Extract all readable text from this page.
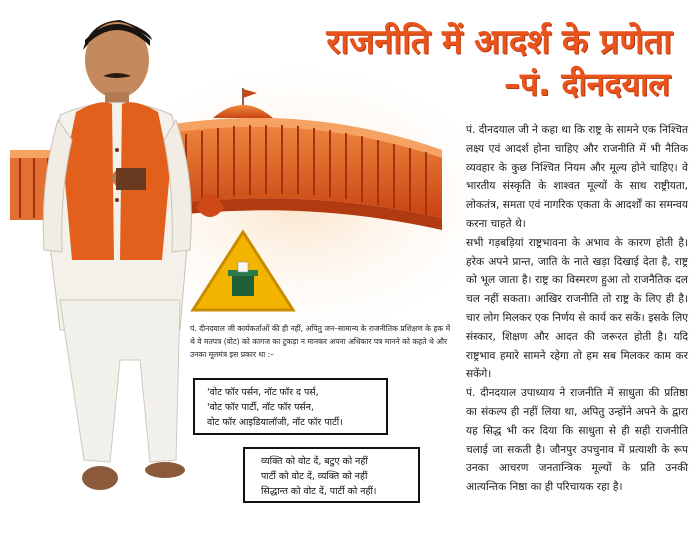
राजनीति में आदर्श के प्रणेता
–पं. दीनदयाल

पं. दीनदयाल जी ने कहा था कि राष्ट्र के सामने एक निश्चित लक्ष्य एवं आदर्श होना चाहिए और राजनीति में भी नैतिक व्यवहार के कुछ निश्चित नियम और मूल्य होने चाहिए। वे भारतीय संस्कृति के शाश्वत मूल्यों के साथ राष्ट्रीयता, लोकतंत्र, समता एवं नागरिक एकता के आदर्शों का समन्वय करना चाहते थे।

सभी गड़बड़ियां राष्ट्रभावना के अभाव के कारण होती है। हरेक अपने प्रान्त, जाति के नाते खड़ा दिखाई देता है, राष्ट्र को भूल जाता है। राष्ट्र का विस्मरण हुआ तो राजनैतिक दल चल नहीं सकता। आखिर राजनीति तो राष्ट्र के लिए ही है। चार लोग मिलकर एक निर्णय से कार्य कर सकें। इसके लिए संस्कार, शिक्षण और आदत की जरूरत होती है। यदि राष्ट्रभाव हमारे सामने रहेगा तो हम सब मिलकर काम कर सकेंगे।

पं. दीनदयाल उपाध्याय ने राजनीति में साधुता की प्रतिष्ठा का संकल्प ही नहीं लिया था, अपितु उन्होंने अपने के द्वारा यह सिद्ध भी कर दिया कि साधुता से ही सही राजनीति चलाई जा सकती है। जौनपुर उपचुनाव में प्रत्याशी के रूप उनका आचरण जनतान्त्रिक मूल्यों के प्रति उनकी आत्यन्तिक निष्ठा का ही परिचायक रहा है।

पं. दीनदयाल जी कार्यकर्ताओं की ही नहीं, अपितु जन–सामान्य के राजनीतिक प्रशिक्षण के हक में थे वे मतपत्र (वोट) को कागज का टुकड़ा न मानकर अपना अधिकार पत्र मानने को कहते थे और उनका मूलमंत्र इस प्रकार था :–
'वोट फॉर पर्सन, नॉट फॉर द पर्स,
'वोट फॉर पार्टी, नॉट फॉर पर्सन,
वोट फॉर आइडियालॉजी, नॉट फॉर पार्टी।
व्यक्ति को वोट दें, बटुए को नहीं
पार्टी को वोट दें, व्यक्ति को नहीं
सिद्धान्त को वोट दें, पार्टी को नहीं।
